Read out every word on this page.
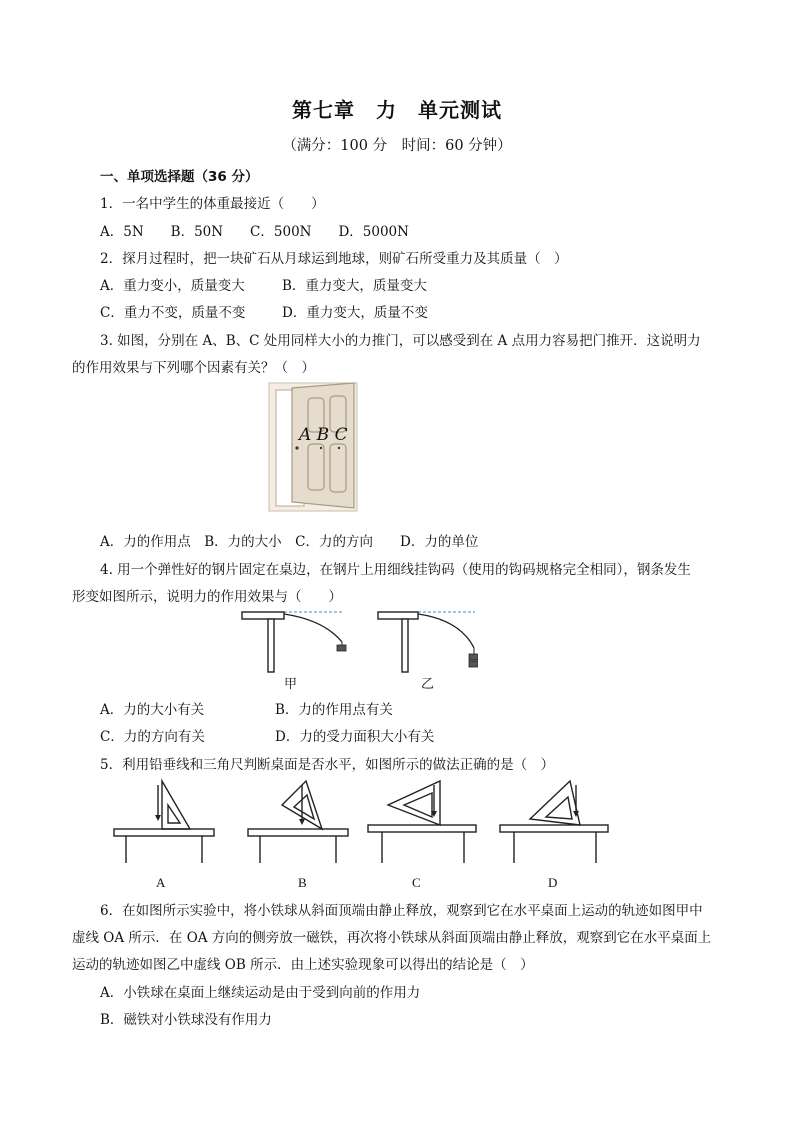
第七章　力　单元测试
（满分：100 分　时间：60 分钟）
一、单项选择题（36 分）
1．一名中学生的体重最接近（　　）
A．5N　　B．50N　　C．500N　　D．5000N
2．探月过程时，把一块矿石从月球运到地球，则矿石所受重力及其质量（　）
A．重力变小，质量变大	B．重力变大，质量变大
C．重力不变，质量不变	D．重力变大，质量不变
3. 如图，分别在 A、B、C 处用同样大小的力推门，可以感受到在 A 点用力容易把门推开．这说明力
的作用效果与下列哪个因素有关？（　）
A B C
A．力的作用点　B．力的大小　C．力的方向　　D．力的单位
4. 用一个弹性好的钢片固定在桌边，在钢片上用细线挂钩码（使用的钩码规格完全相同），钢条发生
形变如图所示，说明力的作用效果与（　　）
甲	乙
A．力的大小有关	B．力的作用点有关
C．力的方向有关	D．力的受力面积大小有关
5．利用铅垂线和三角尺判断桌面是否水平，如图所示的做法正确的是（　）
A	B	C	D
6．在如图所示实验中，将小铁球从斜面顶端由静止释放，观察到它在水平桌面上运动的轨迹如图甲中
虚线 OA 所示．在 OA 方向的侧旁放一磁铁，再次将小铁球从斜面顶端由静止释放，观察到它在水平桌面上
运动的轨迹如图乙中虚线 OB 所示．由上述实验现象可以得出的结论是（　）
A．小铁球在桌面上继续运动是由于受到向前的作用力
B．磁铁对小铁球没有作用力
